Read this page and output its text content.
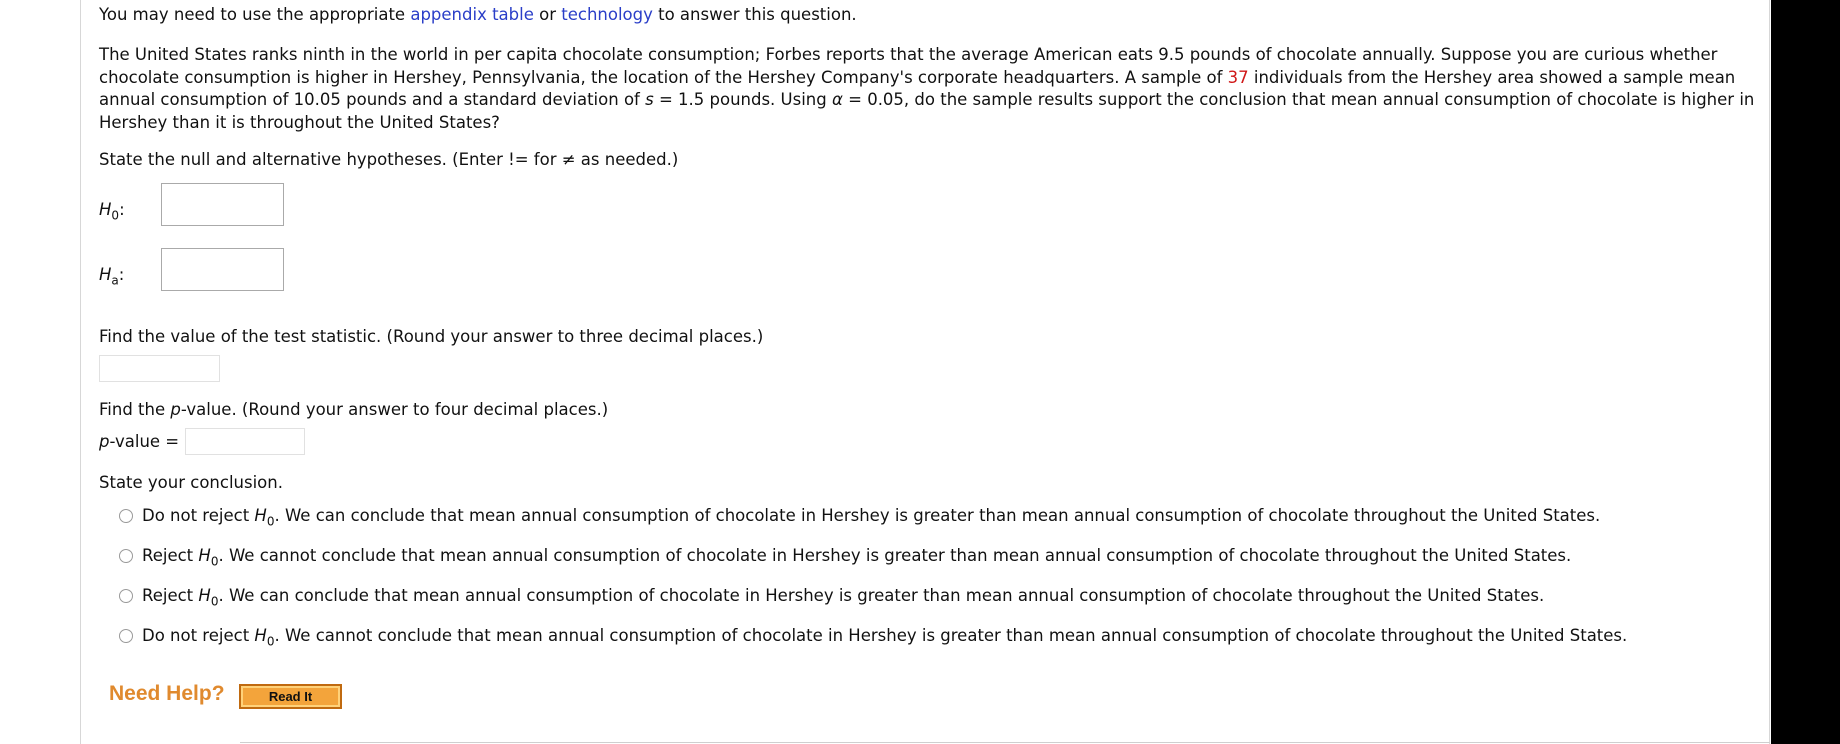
You may need to use the appropriate appendix table or technology to answer this question.
The United States ranks ninth in the world in per capita chocolate consumption; Forbes reports that the average American eats 9.5 pounds of chocolate annually. Suppose you are curious whether chocolate consumption is higher in Hershey, Pennsylvania, the location of the Hershey Company's corporate headquarters. A sample of 37 individuals from the Hershey area showed a sample mean annual consumption of 10.05 pounds and a standard deviation of s = 1.5 pounds. Using α = 0.05, do the sample results support the conclusion that mean annual consumption of chocolate is higher in Hershey than it is throughout the United States?
State the null and alternative hypotheses. (Enter != for ≠ as needed.)
$H_0$:
$H_a$:
Find the value of the test statistic. (Round your answer to three decimal places.)
Find the p-value. (Round your answer to four decimal places.)
p-value =
State your conclusion.
Do not reject $H_0$. We can conclude that mean annual consumption of chocolate in Hershey is greater than mean annual consumption of chocolate throughout the United States.
Reject $H_0$. We cannot conclude that mean annual consumption of chocolate in Hershey is greater than mean annual consumption of chocolate throughout the United States.
Reject $H_0$. We can conclude that mean annual consumption of chocolate in Hershey is greater than mean annual consumption of chocolate throughout the United States.
Do not reject $H_0$. We cannot conclude that mean annual consumption of chocolate in Hershey is greater than mean annual consumption of chocolate throughout the United States.
Need Help?	Read It
